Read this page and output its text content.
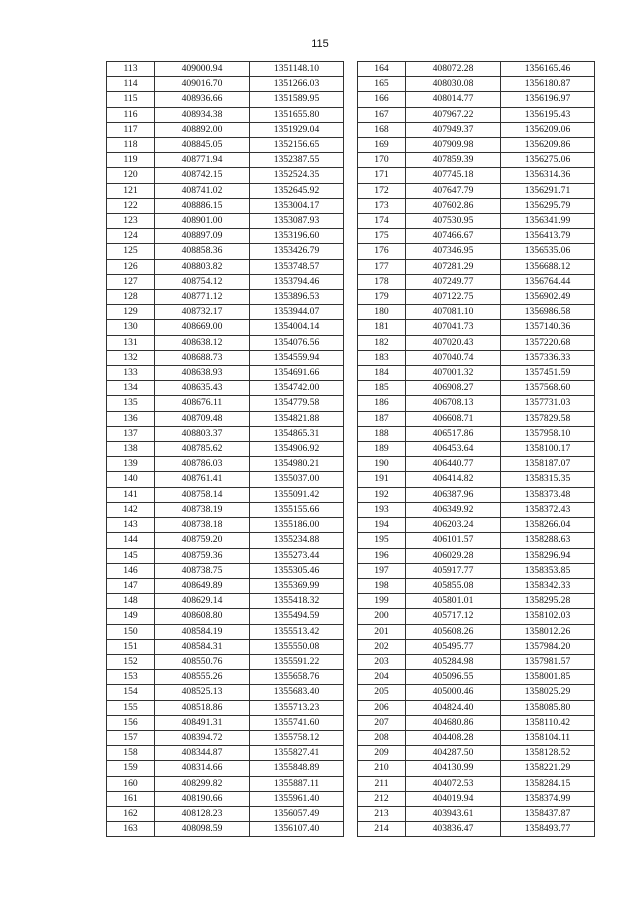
115
113	409000.94	1351148.10
114	409016.70	1351266.03
115	408936.66	1351589.95
116	408934.38	1351655.80
117	408892.00	1351929.04
118	408845.05	1352156.65
119	408771.94	1352387.55
120	408742.15	1352524.35
121	408741.02	1352645.92
122	408886.15	1353004.17
123	408901.00	1353087.93
124	408897.09	1353196.60
125	408858.36	1353426.79
126	408803.82	1353748.57
127	408754.12	1353794.46
128	408771.12	1353896.53
129	408732.17	1353944.07
130	408669.00	1354004.14
131	408638.12	1354076.56
132	408688.73	1354559.94
133	408638.93	1354691.66
134	408635.43	1354742.00
135	408676.11	1354779.58
136	408709.48	1354821.88
137	408803.37	1354865.31
138	408785.62	1354906.92
139	408786.03	1354980.21
140	408761.41	1355037.00
141	408758.14	1355091.42
142	408738.19	1355155.66
143	408738.18	1355186.00
144	408759.20	1355234.88
145	408759.36	1355273.44
146	408738.75	1355305.46
147	408649.89	1355369.99
148	408629.14	1355418.32
149	408608.80	1355494.59
150	408584.19	1355513.42
151	408584.31	1355550.08
152	408550.76	1355591.22
153	408555.26	1355658.76
154	408525.13	1355683.40
155	408518.86	1355713.23
156	408491.31	1355741.60
157	408394.72	1355758.12
158	408344.87	1355827.41
159	408314.66	1355848.89
160	408299.82	1355887.11
161	408190.66	1355961.40
162	408128.23	1356057.49
163	408098.59	1356107.40
164	408072.28	1356165.46
165	408030.08	1356180.87
166	408014.77	1356196.97
167	407967.22	1356195.43
168	407949.37	1356209.06
169	407909.98	1356209.86
170	407859.39	1356275.06
171	407745.18	1356314.36
172	407647.79	1356291.71
173	407602.86	1356295.79
174	407530.95	1356341.99
175	407466.67	1356413.79
176	407346.95	1356535.06
177	407281.29	1356688.12
178	407249.77	1356764.44
179	407122.75	1356902.49
180	407081.10	1356986.58
181	407041.73	1357140.36
182	407020.43	1357220.68
183	407040.74	1357336.33
184	407001.32	1357451.59
185	406908.27	1357568.60
186	406708.13	1357731.03
187	406608.71	1357829.58
188	406517.86	1357958.10
189	406453.64	1358100.17
190	406440.77	1358187.07
191	406414.82	1358315.35
192	406387.96	1358373.48
193	406349.92	1358372.43
194	406203.24	1358266.04
195	406101.57	1358288.63
196	406029.28	1358296.94
197	405917.77	1358353.85
198	405855.08	1358342.33
199	405801.01	1358295.28
200	405717.12	1358102.03
201	405608.26	1358012.26
202	405495.77	1357984.20
203	405284.98	1357981.57
204	405096.55	1358001.85
205	405000.46	1358025.29
206	404824.40	1358085.80
207	404680.86	1358110.42
208	404408.28	1358104.11
209	404287.50	1358128.52
210	404130.99	1358221.29
211	404072.53	1358284.15
212	404019.94	1358374.99
213	403943.61	1358437.87
214	403836.47	1358493.77
